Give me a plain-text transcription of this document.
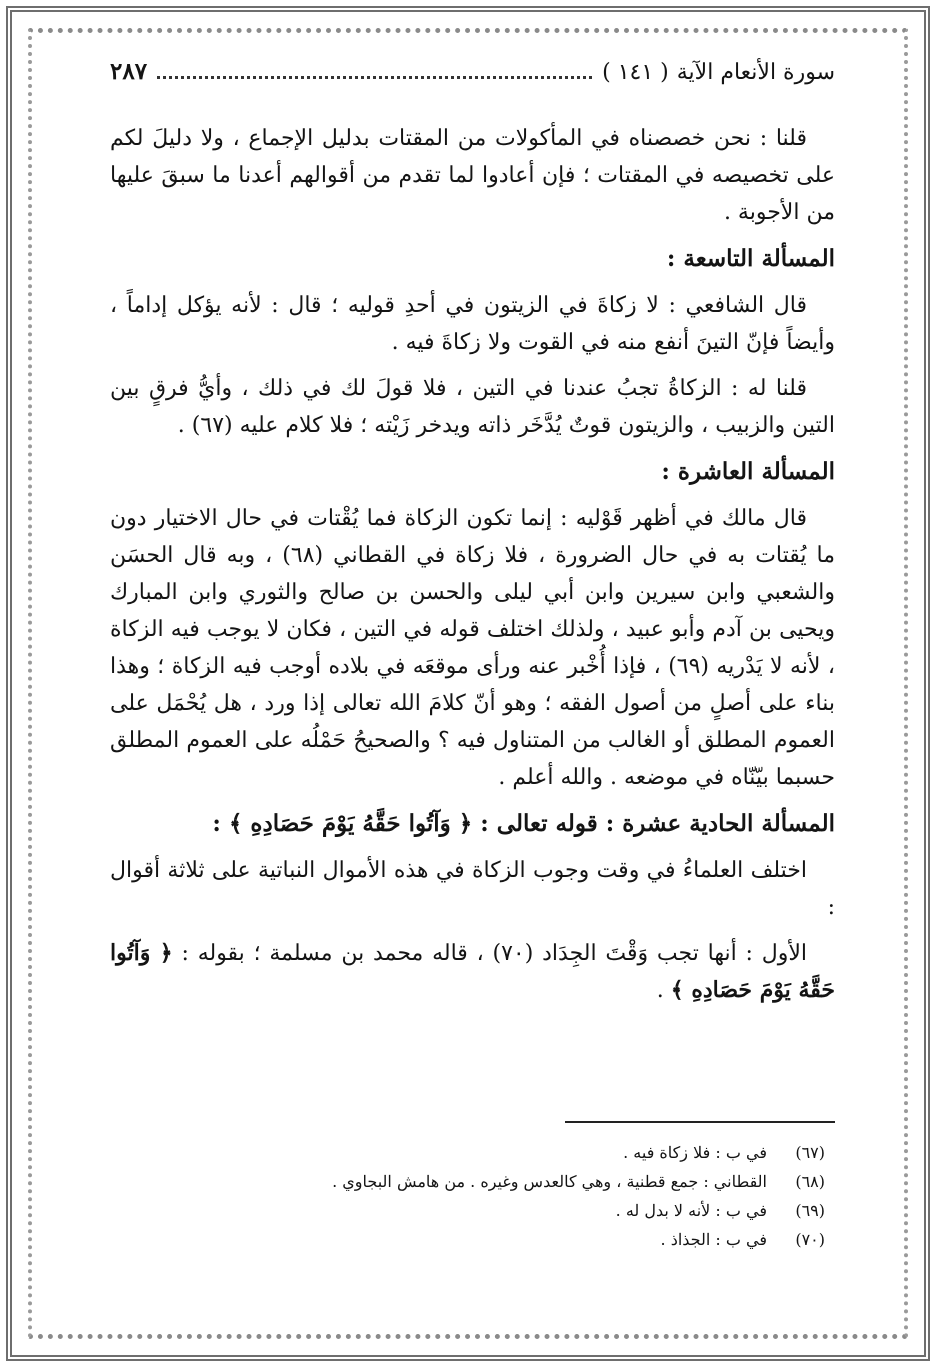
سورة الأنعام الآية
( ١٤١ )
٢٨٧

قلنا : نحن خصصناه في المأكولات من المقتات بدليل الإجماع ، ولا دليلَ لكم على تخصيصه في المقتات ؛ فإن أعادوا لما تقدم من أقوالهم أعدنا ما سبقَ عليها من الأجوبة .

المسألة التاسعة :

قال الشافعي : لا زكاةَ في الزيتون في أحدِ قوليه ؛ قال : لأنه يؤكل إداماً ، وأيضاً فإنّ التينَ أنفع منه في القوت ولا زكاةَ فيه .

قلنا له : الزكاةُ تجبُ عندنا في التين ، فلا قولَ لك في ذلك ، وأيُّ فرقٍ بين التين والزبيب ، والزيتون قوتٌ يُدَّخَر ذاته ويدخر زَيْته ؛ فلا كلام عليه (٦٧) .

المسألة العاشرة :

قال مالك في أظهر قَوْليه : إنما تكون الزكاة فما يُقْتات في حال الاختيار دون ما يُقتات به في حال الضرورة ، فلا زكاة في القطاني (٦٨) ، وبه قال الحسَن والشعبي وابن سيرين وابن أبي ليلى والحسن بن صالح والثوري وابن المبارك ويحيى بن آدم وأبو عبيد ، ولذلك اختلف قوله في التين ، فكان لا يوجب فيه الزكاة ، لأنه لا يَدْريه (٦٩) ، فإذا أُخْبر عنه ورأى موقعَه في بلاده أوجب فيه الزكاة ؛ وهذا بناء على أصلٍ من أصول الفقه ؛ وهو أنّ كلامَ الله تعالى إذا ورد ، هل يُحْمَل على العموم المطلق أو الغالب من المتناول فيه ؟ والصحيحُ حَمْلُه على العموم المطلق حسبما بيّنّاه في موضعه . والله أعلم .

المسألة الحادية عشرة : قوله تعالى : ﴿ وَآتُوا حَقَّهُ يَوْمَ حَصَادِهِ ﴾ :

اختلف العلماءُ في وقت وجوب الزكاة في هذه الأموال النباتية على ثلاثة أقوال :

الأول : أنها تجب وَقْتَ الجِدَاد (٧٠) ، قاله محمد بن مسلمة ؛ بقوله : ﴿ وَآتُوا حَقَّهُ يَوْمَ حَصَادِهِ ﴾ .

(٦٧)
في ب : فلا زكاة فيه .
(٦٨)
القطاني : جمع قطنية ، وهي كالعدس وغيره . من هامش البجاوي .
(٦٩)
في ب : لأنه لا بدل له .
(٧٠)
في ب : الجذاذ .
